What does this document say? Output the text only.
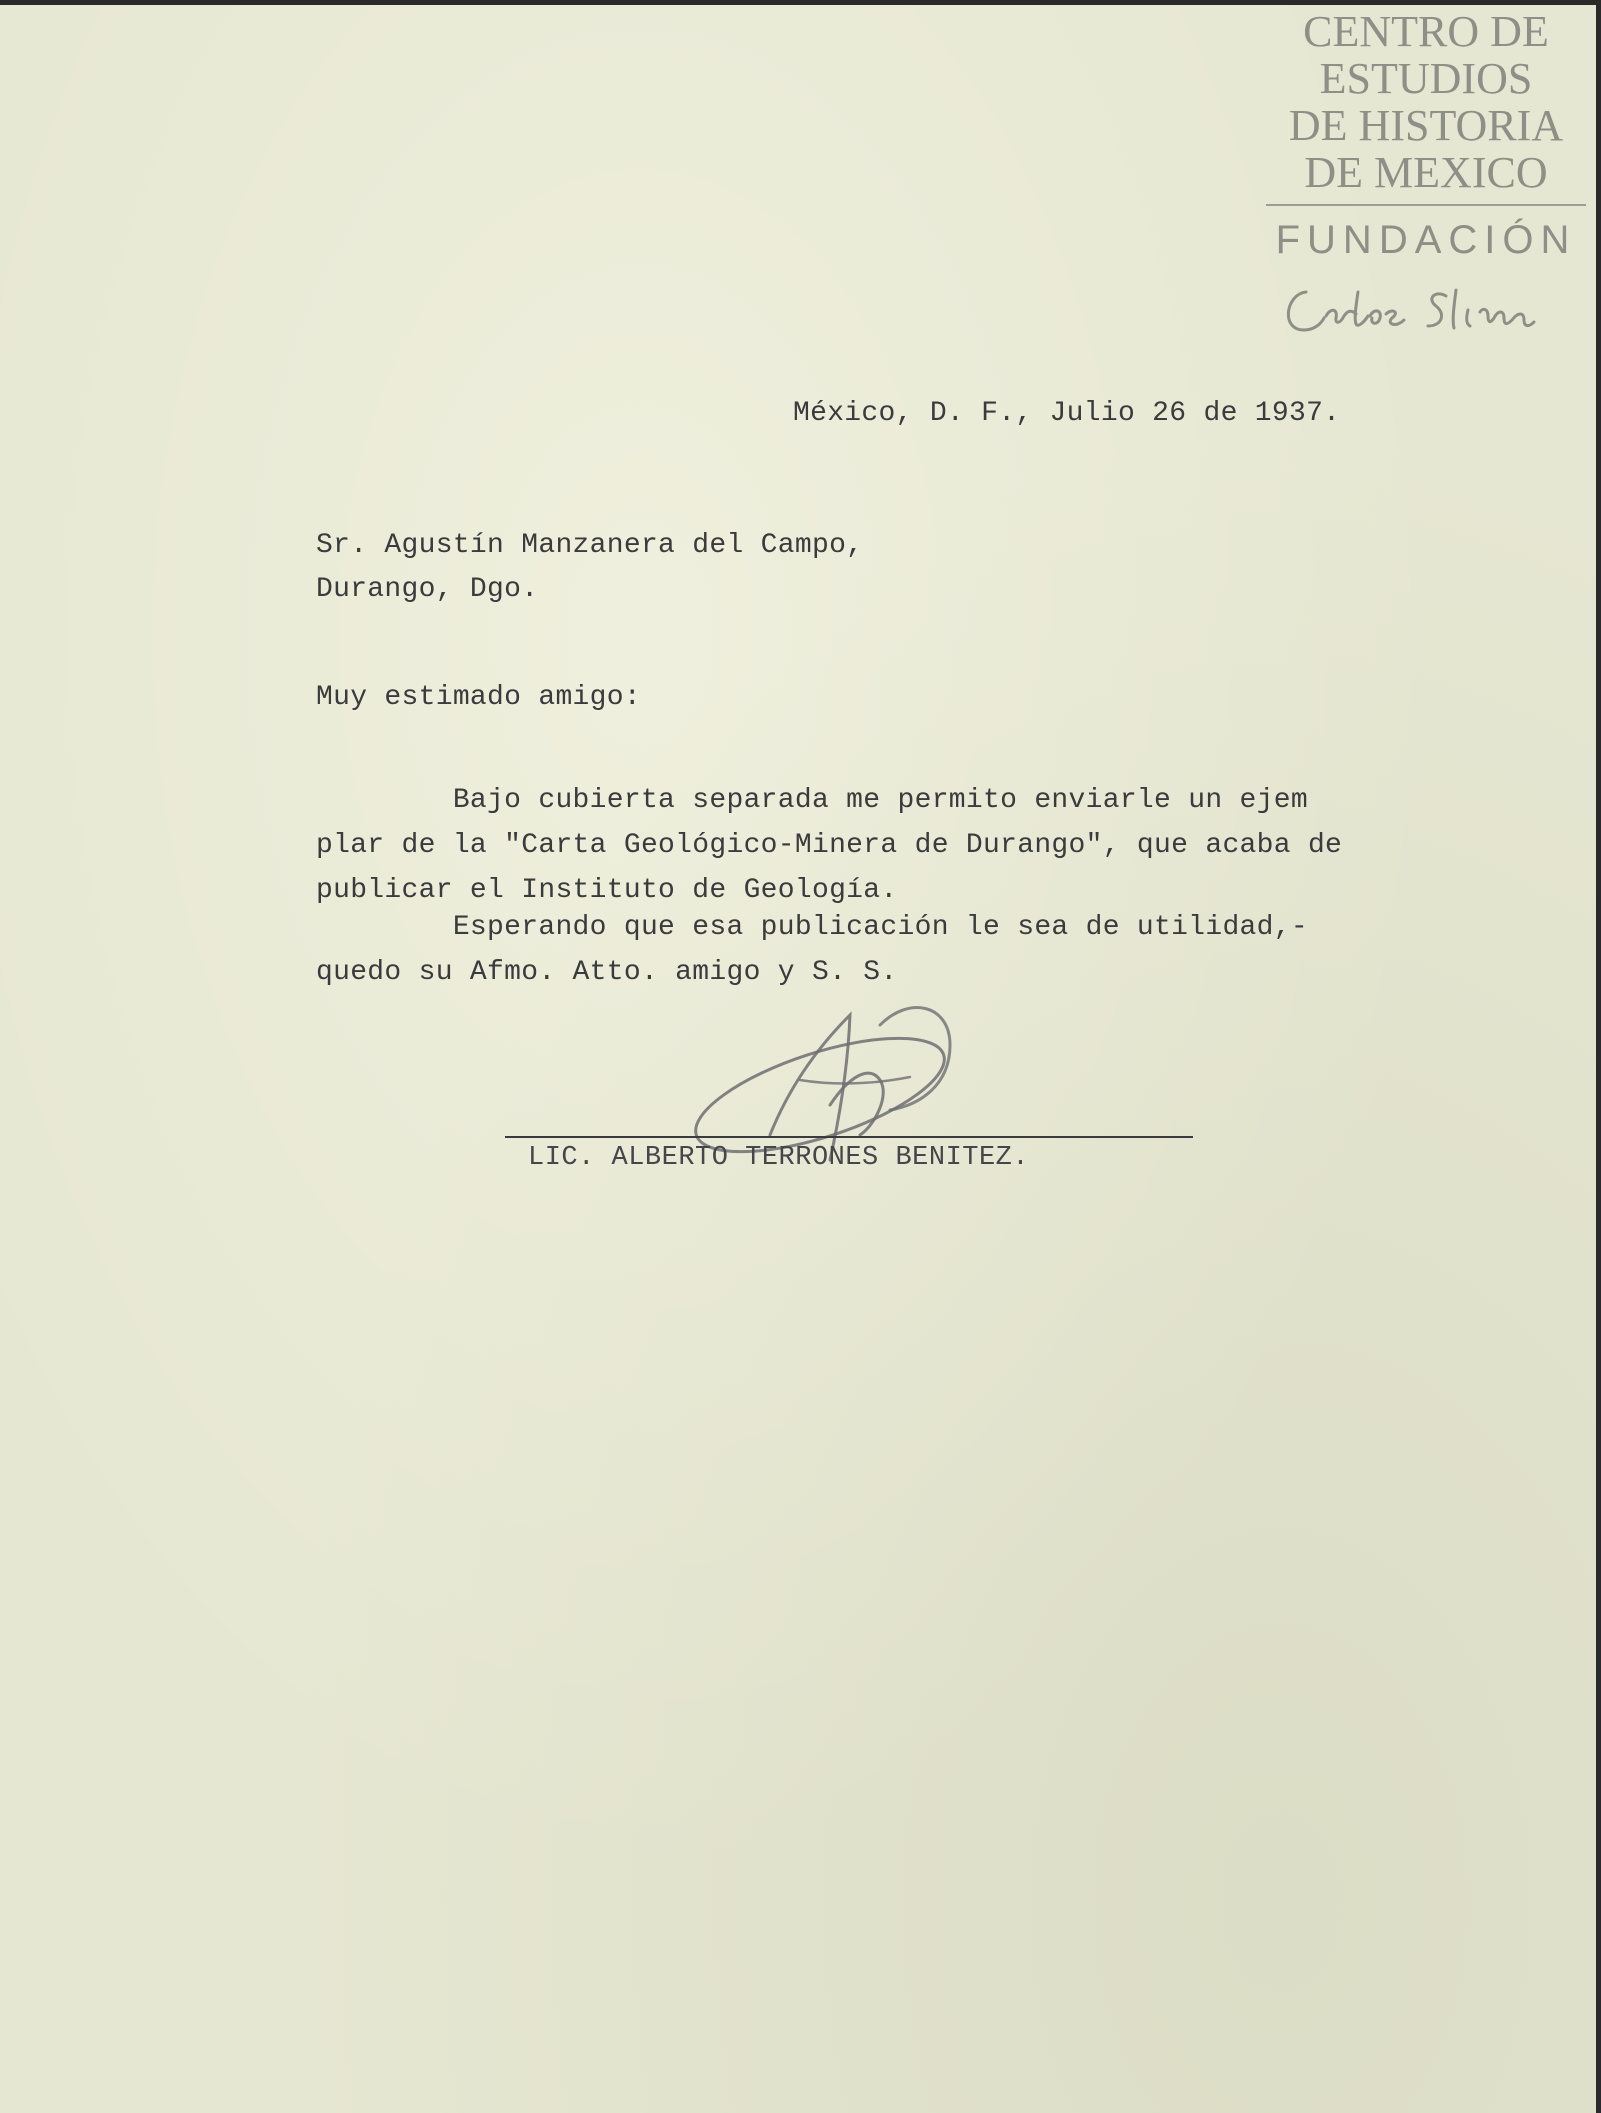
CENTRO DE
ESTUDIOS
DE HISTORIA
DE MEXICO
FUNDACIÓN
México, D. F., Julio 26 de 1937.
Sr. Agustín Manzanera del Campo,
Durango, Dgo.
Muy estimado amigo:
Bajo cubierta separada me permito enviarle un ejem
plar de la "Carta Geológico-Minera de Durango", que acaba de
publicar el Instituto de Geología.
Esperando que esa publicación le sea de utilidad,-
quedo su Afmo. Atto. amigo y S. S.
LIC. ALBERTO TERRONES BENITEZ.
